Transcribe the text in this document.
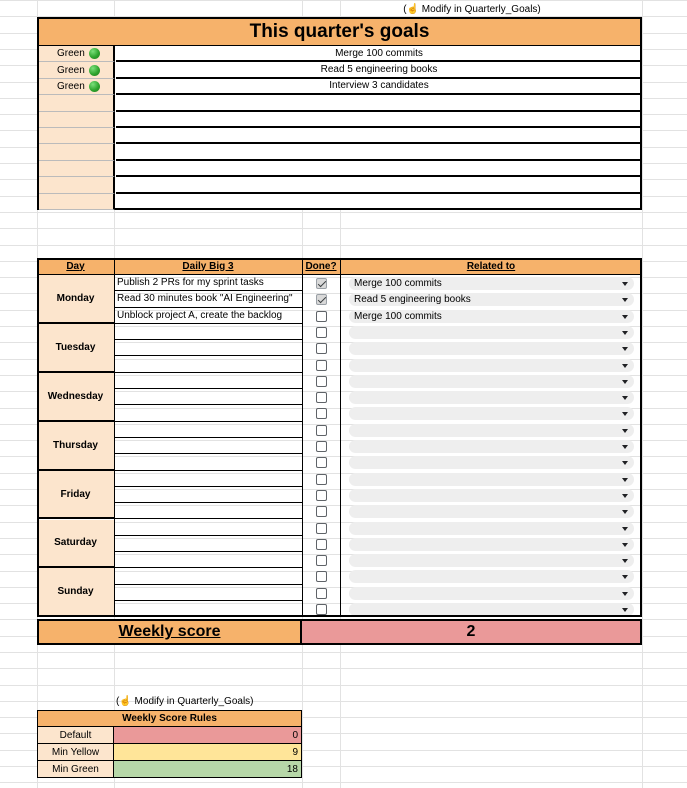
(☝ Modify in Quarterly_Goals)
This quarter's goals
Green	Merge 100 commits
Green	Read 5 engineering books
Green	Interview 3 candidates
Day	Daily Big 3	Done?	Related to
Monday
Publish 2 PRs for my sprint tasks	Merge 100 commits
Read 30 minutes book "AI Engineering"	Read 5 engineering books
Unblock project A, create the backlog	Merge 100 commits
Tuesday
Wednesday
Thursday
Friday
Saturday
Sunday
Weekly score	2
(☝ Modify in Quarterly_Goals)
Weekly Score Rules
Default	0
Min Yellow	9
Min Green	18
